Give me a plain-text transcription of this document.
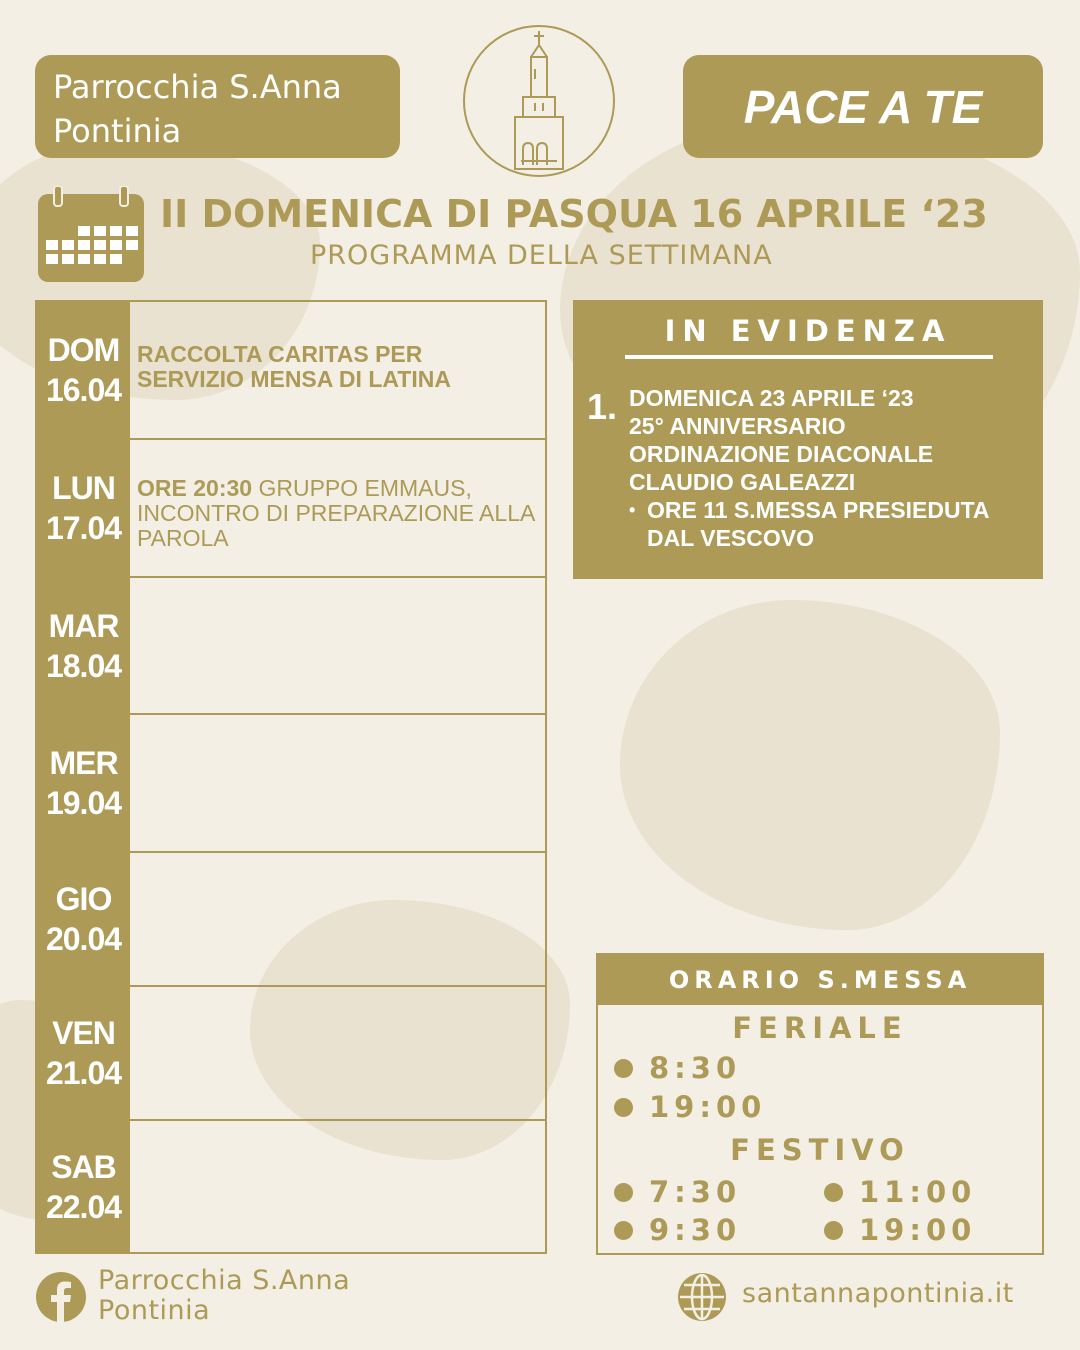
Parrocchia S.Anna
Pontinia	PACE A TE
II DOMENICA DI PASQUA 16 APRILE ‘23
PROGRAMMA DELLA SETTIMANA
DOM
16.04
RACCOLTA CARITAS PER SERVIZIO MENSA DI LATINA
LUN
17.04
ORE 20:30 GRUPPO EMMAUS, INCONTRO DI PREPARAZIONE ALLA PAROLA
MAR
18.04
MER
19.04
GIO
20.04
VEN
21.04
SAB
22.04
IN EVIDENZA
1. DOMENICA 23 APRILE ‘23
25° ANNIVERSARIO
ORDINAZIONE DIACONALE
CLAUDIO GALEAZZI
• ORE 11 S.MESSA PRESIEDUTA DAL VESCOVO
ORARIO S.MESSA
FERIALE
8:30
19:00
FESTIVO
7:30
9:30
11:00
19:00
Parrocchia S.Anna
Pontinia
santannapontinia.it
